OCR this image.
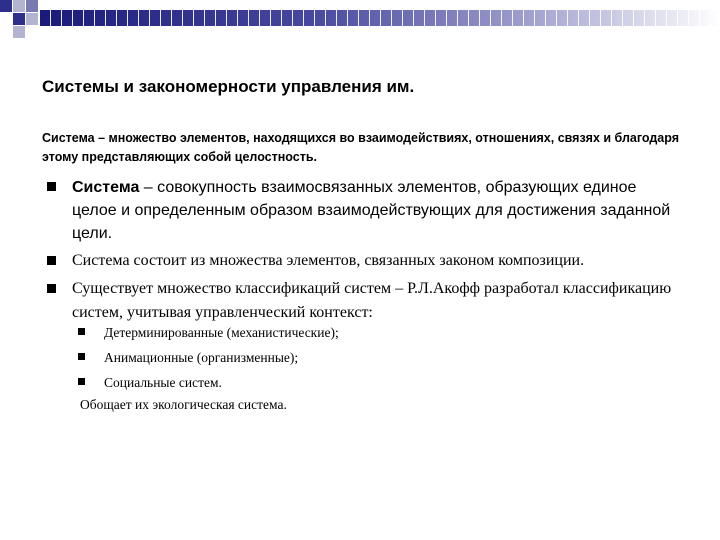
Системы и закономерности управления им.
Система – множество элементов, находящихся во взаимодействиях, отношениях, связях и благодаря этому представляющих собой целостность.
Система – совокупность взаимосвязанных элементов, образующих единое целое и определенным образом взаимодействующих для достижения заданной цели.
Система состоит из множества элементов, связанных законом композиции.
Существует множество классификаций систем – Р.Л.Акофф разработал классификацию систем, учитывая управленческий контекст:
Детерминированные (механистические);
Анимационные (организменные);
Социальные систем.
Обощает их экологическая система.
